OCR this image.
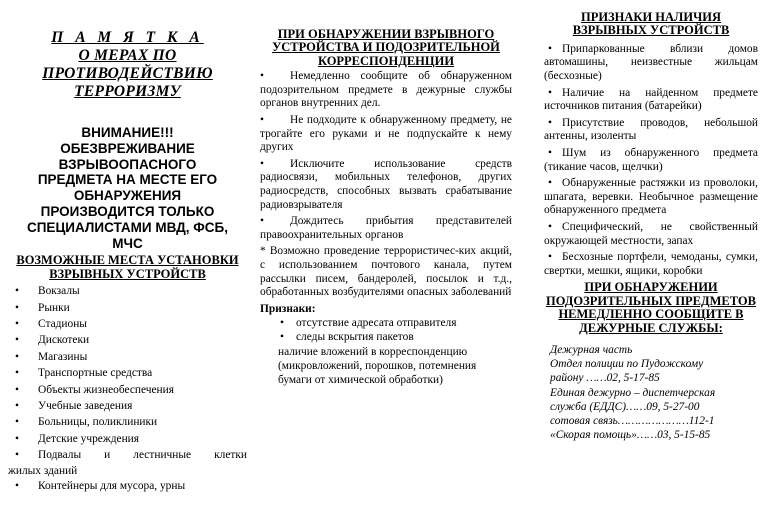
П А М Я Т К А
О МЕРАХ ПО
ПРОТИВОДЕЙСТВИЮ
ТЕРРОРИЗМУ
ВНИМАНИЕ!!!
ОБЕЗВРЕЖИВАНИЕ
ВЗРЫВООПАСНОГО
ПРЕДМЕТА НА МЕСТЕ ЕГО
ОБНАРУЖЕНИЯ
ПРОИЗВОДИТСЯ ТОЛЬКО
СПЕЦИАЛИСТАМИ МВД, ФСБ,
МЧС
ВОЗМОЖНЫЕ МЕСТА УСТАНОВКИ
ВЗРЫВНЫХ УСТРОЙСТВ
• Вокзалы
• Рынки
• Стадионы
• Дискотеки
• Магазины
• Транспортные средства
• Объекты жизнеобеспечения
• Учебные заведения
• Больницы, поликлиники
• Детские учреждения
• Подвалы и лестничные клетки
жилых зданий
• Контейнеры для мусора, урны
ПРИ ОБНАРУЖЕНИИ ВЗРЫВНОГО
УСТРОЙСТВА И ПОДОЗРИТЕЛЬНОЙ
КОРРЕСПОНДЕНЦИИ
• Немедленно сообщите об обнаруженном подозрительном предмете в дежурные службы органов внутренних дел.
• Не подходите к обнаруженному предмету, не трогайте его руками и не подпускайте к нему других
• Исключите использование средств радиосвязи, мобильных телефонов, других радиосредств, способных вызвать срабатывание радиовзрывателя
• Дождитесь прибытия представителей правоохранительных органов
* Возможно проведение террористичес-ких акций, с использованием почтового канала, путем рассылки писем, бандеролей, посылок и т.д., обработанных возбудителями опасных заболеваний
Признаки:
• отсутствие адресата отправителя
• следы вскрытия пакетов
наличие вложений в корреспонденцию (микровложений, порошков, потемнения бумаги от химической обработки)
ПРИЗНАКИ НАЛИЧИЯ
ВЗРЫВНЫХ УСТРОЙСТВ
• Припаркованные вблизи домов автомашины, неизвестные жильцам (бесхозные)
• Наличие на найденном предмете источников питания (батарейки)
• Присутствие проводов, небольшой антенны, изоленты
• Шум из обнаруженного предмета (тикание часов, щелчки)
• Обнаруженные растяжки из проволоки, шпагата, веревки. Необычное размещение обнаруженного предмета
• Специфический, не свойственный окружающей местности, запах
• Бесхозные портфели, чемоданы, сумки, свертки, мешки, ящики, коробки
ПРИ ОБНАРУЖЕНИИ
ПОДОЗРИТЕЛЬНЫХ ПРЕДМЕТОВ
НЕМЕДЛЕННО СООБЩИТЕ В
ДЕЖУРНЫЕ СЛУЖБЫ:
Дежурная часть
Отдел полиции по Пудожскому
району ……02, 5-17-85
Единая дежурно – диспетчерская
служба (ЕДДС)……09, 5-27-00
сотовая связь…………………112-1
«Скорая помощь»……03, 5-15-85
